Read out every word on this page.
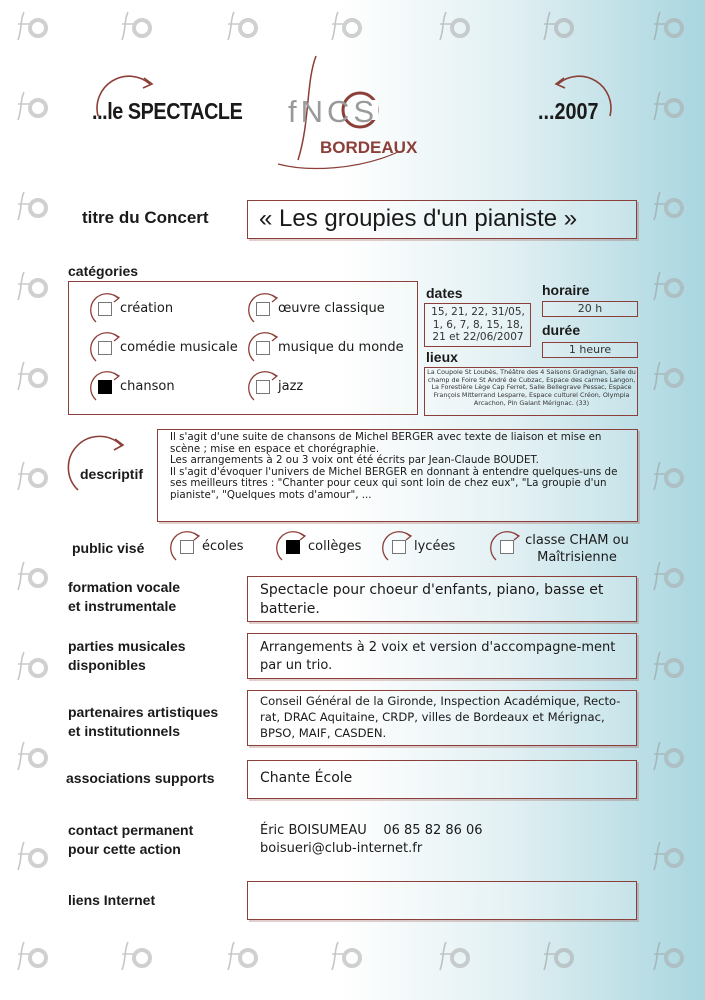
...le SPECTACLE	...2007
fNCS
BORDEAUX
titre du Concert « Les groupies d'un pianiste »
catégories
création	œuvre classique
comédie musicale	musique du monde
chanson	jazz
dates
15, 21, 22, 31/05, 1, 6, 7, 8, 15, 18, 21 et 22/06/2007
horaire
20 h
durée
1 heure
lieux
La Coupole St Loubès, Théâtre des 4 Saisons Gradignan, Salle du champ de Foire St André de Cubzac, Espace des carmes Langon, La Forestière Lège Cap Ferret, Salle Bellegrave Pessac, Espace François Mitterrand Lesparre, Espace culturel Créon, Olympia Arcachon, Pin Galant Mérignac. (33)
descriptif
Il s'agit d'une suite de chansons de Michel BERGER avec texte de liaison et mise en scène ; mise en espace et chorégraphie.
Les arrangements à 2 ou 3 voix ont été écrits par Jean-Claude BOUDET.
Il s'agit d'évoquer l'univers de Michel BERGER en donnant à entendre quelques-uns de ses meilleurs titres : "Chanter pour ceux qui sont loin de chez eux", "La groupie d'un pianiste", "Quelques mots d'amour", ...
public visé	écoles	collèges	lycées	classe CHAM ou Maîtrisienne
formation vocale
et instrumentale
Spectacle pour choeur d'enfants, piano, basse et batterie.
parties musicales
disponibles
Arrangements à 2 voix et version d'accompagne-ment par un trio.
partenaires artistiques
et institutionnels
Conseil Général de la Gironde, Inspection Académique, Recto-rat, DRAC Aquitaine, CRDP, villes de Bordeaux et Mérignac, BPSO, MAIF, CASDEN.
associations supports	Chante École
contact permanent
pour cette action
Éric BOISUMEAU    06 85 82 86 06
boisueri@club-internet.fr
liens Internet
